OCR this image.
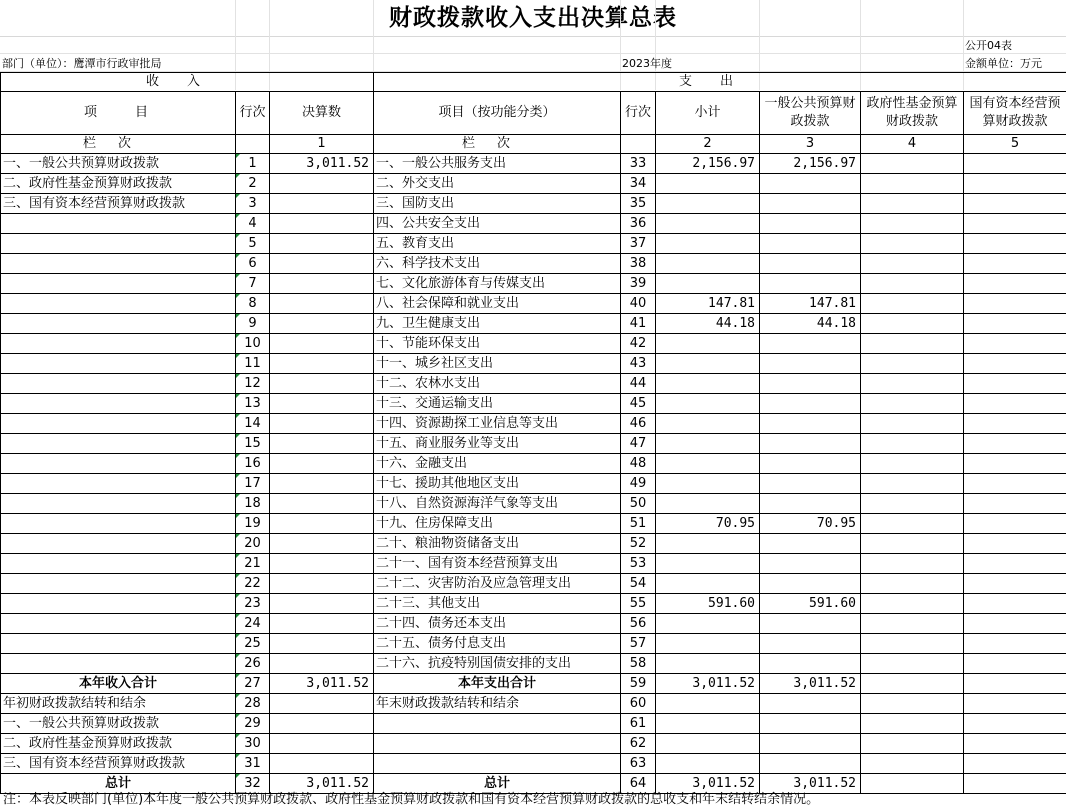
财政拨款收入支出决算总表
公开04表
部门（单位）：鹰潭市行政审批局	2023年度	金额单位：万元
收入			支出					
项　　目	行次	决算数	项目（按功能分类）	行次	小计	一般公共预算财政拨款	政府性基金预算财政拨款	国有资本经营预算财政拨款
栏次		1	栏次		2	3	4	5
一、一般公共预算财政拨款	1	3,011.52	一、一般公共服务支出	33	2,156.97	2,156.97		
二、政府性基金预算财政拨款	2		二、外交支出	34				
三、国有资本经营预算财政拨款	3		三、国防支出	35				
	4		四、公共安全支出	36				
	5		五、教育支出	37				
	6		六、科学技术支出	38				
	7		七、文化旅游体育与传媒支出	39				
	8		八、社会保障和就业支出	40	147.81	147.81		
	9		九、卫生健康支出	41	44.18	44.18		
	10		十、节能环保支出	42				
	11		十一、城乡社区支出	43				
	12		十二、农林水支出	44				
	13		十三、交通运输支出	45				
	14		十四、资源勘探工业信息等支出	46				
	15		十五、商业服务业等支出	47				
	16		十六、金融支出	48				
	17		十七、援助其他地区支出	49				
	18		十八、自然资源海洋气象等支出	50				
	19		十九、住房保障支出	51	70.95	70.95		
	20		二十、粮油物资储备支出	52				
	21		二十一、国有资本经营预算支出	53				
	22		二十二、灾害防治及应急管理支出	54				
	23		二十三、其他支出	55	591.60	591.60		
	24		二十四、债务还本支出	56				
	25		二十五、债务付息支出	57				
	26		二十六、抗疫特别国债安排的支出	58				
本年收入合计	27	3,011.52	本年支出合计	59	3,011.52	3,011.52		
年初财政拨款结转和结余	28		年末财政拨款结转和结余	60				
一、一般公共预算财政拨款	29			61				
二、政府性基金预算财政拨款	30			62				
三、国有资本经营预算财政拨款	31			63				
总计	32	3,011.52	总计	64	3,011.52	3,011.52		
注：本表反映部门(单位)本年度一般公共预算财政拨款、政府性基金预算财政拨款和国有资本经营预算财政拨款的总收支和年末结转结余情况。
